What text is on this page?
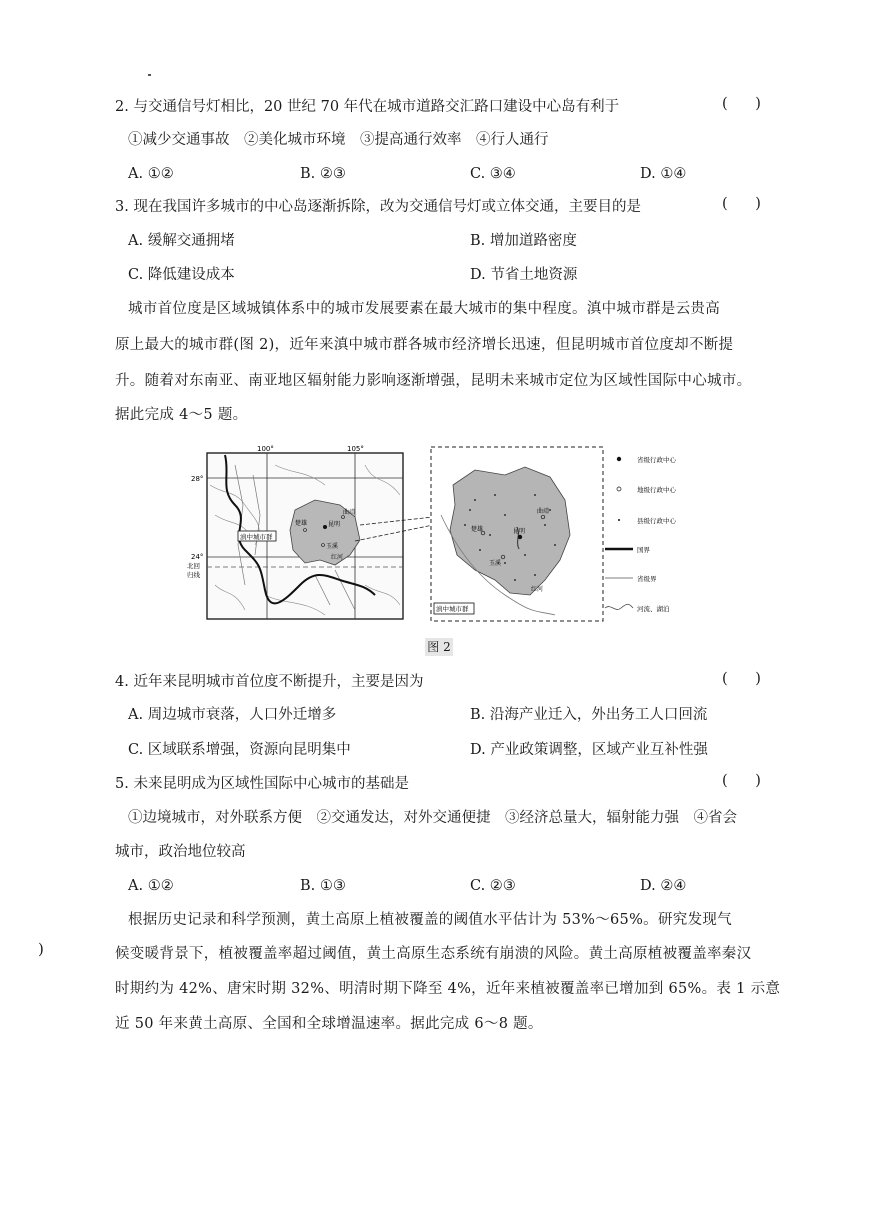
2. 与交通信号灯相比，20 世纪 70 年代在城市道路交汇路口建设中心岛有利于	(      )
①减少交通事故　②美化城市环境　③提高通行效率　④行人通行
A. ①②	B. ②③	C. ③④	D. ①④
3. 现在我国许多城市的中心岛逐渐拆除，改为交通信号灯或立体交通，主要目的是	(      )
A. 缓解交通拥堵	B. 增加道路密度
C. 降低建设成本	D. 节省土地资源
城市首位度是区域城镇体系中的城市发展要素在最大城市的集中程度。滇中城市群是云贵高
原上最大的城市群(图 2)，近年来滇中城市群各城市经济增长迅速，但昆明城市首位度却不断提
升。随着对东南亚、南亚地区辐射能力影响逐渐增强，昆明未来城市定位为区域性国际中心城市。
据此完成 4～5 题。
昆明
玉溪
曲靖
楚雄
红河
滇中城市群
100°	105°
28°
24°
北回
归线
曲靖
楚雄	昆明
玉溪
红河
滇中城市群
省级行政中心
地级行政中心
县级行政中心
国界
省级界
河流、湖泊
图 2
4. 近年来昆明城市首位度不断提升，主要是因为	(      )
A. 周边城市衰落，人口外迁增多	B. 沿海产业迁入，外出务工人口回流
C. 区域联系增强，资源向昆明集中	D. 产业政策调整，区域产业互补性强
5. 未来昆明成为区域性国际中心城市的基础是	(      )
①边境城市，对外联系方便　②交通发达，对外交通便捷　③经济总量大，辐射能力强　④省会
城市，政治地位较高
A. ①②	B. ①③	C. ②③	D. ②④
根据历史记录和科学预测，黄土高原上植被覆盖的阈值水平估计为 53%～65%。研究发现气
候变暖背景下，植被覆盖率超过阈值，黄土高原生态系统有崩溃的风险。黄土高原植被覆盖率秦汉
时期约为 42%、唐宋时期 32%、明清时期下降至 4%，近年来植被覆盖率已增加到 65%。表 1 示意
近 50 年来黄土高原、全国和全球增温速率。据此完成 6～8 题。
)
